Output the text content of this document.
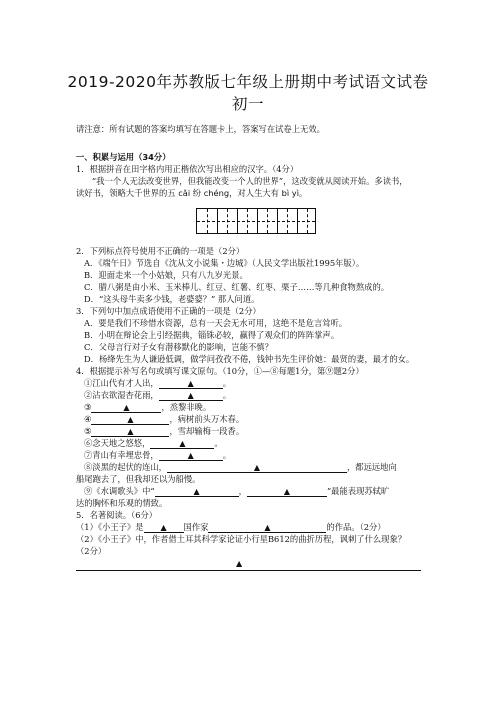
2019-2020年苏教版七年级上册期中考试语文试卷
初一
请注意：所有试题的答案均填写在答题卡上，答案写在试卷上无效。
一、积累与运用（34分）
1．根据拼音在田字格内用正楷依次写出相应的汉字。（4分）
“我一个人无法改变世界，但我能改变一个人的世界”，这改变就从阅读开始。多读书，
读好书，领略大千世界的五 cǎi 纷 chéng，对人生大有 bì yì。
2．下列标点符号使用不正确的一项是（2分）
A．《端午日》节选自《沈从文小说集・边城》（人民文学出版社1995年版）。
B．迎面走来一个小姑娘，只有八九岁光景。
C．腊八粥是由小米、玉米棒儿、红豆、红薯、红枣、栗子……等几种食物熬成的。
D．“这头母牛卖多少钱，老婆婆？” 那人问道。
3．下列句中加点成语使用不正确的一项是（2分）
A．要是我们不珍惜水资源，总有一天会无水可用，这绝不是危言耸听。
B．小明在辩论会上引经据典，锱铢必较，赢得了观众们的阵阵掌声。
C．父母言行对子女有潜移默化的影响，岂能不慎？
D．杨绛先生为人谦逊低调，做学问孜孜不倦，钱钟书先生评价她：最贤的妻，最才的女。
4．根据提示补写名句或填写课文原句。（10分，①—⑧每题1分，第⑨题2分）
①江山代有才人出，	▲	。
②沾衣欲湿杏花雨，	▲	。
③	▲	，烝黎非晚。
④	▲	，病树前头万木春。
⑤	▲	，雪却输梅一段香。
⑥念天地之悠悠，	▲	。
⑦青山有幸埋忠骨，	▲	。
⑧淡黑的起伏的连山，	▲	，都远远地向
船尾跑去了，但我却还以为船慢。
⑨《水调歌头》中“	▲	，	▲	”最能表现苏轼旷
达的胸怀和乐观的情致。
5．名著阅读。（6分）
（1）《小王子》是 ▲ 国作家	▲	的作品。（2分）
（2）《小王子》中，作者借土耳其科学家论证小行星B612的曲折历程，讽刺了什么现象？
（2分）
▲
